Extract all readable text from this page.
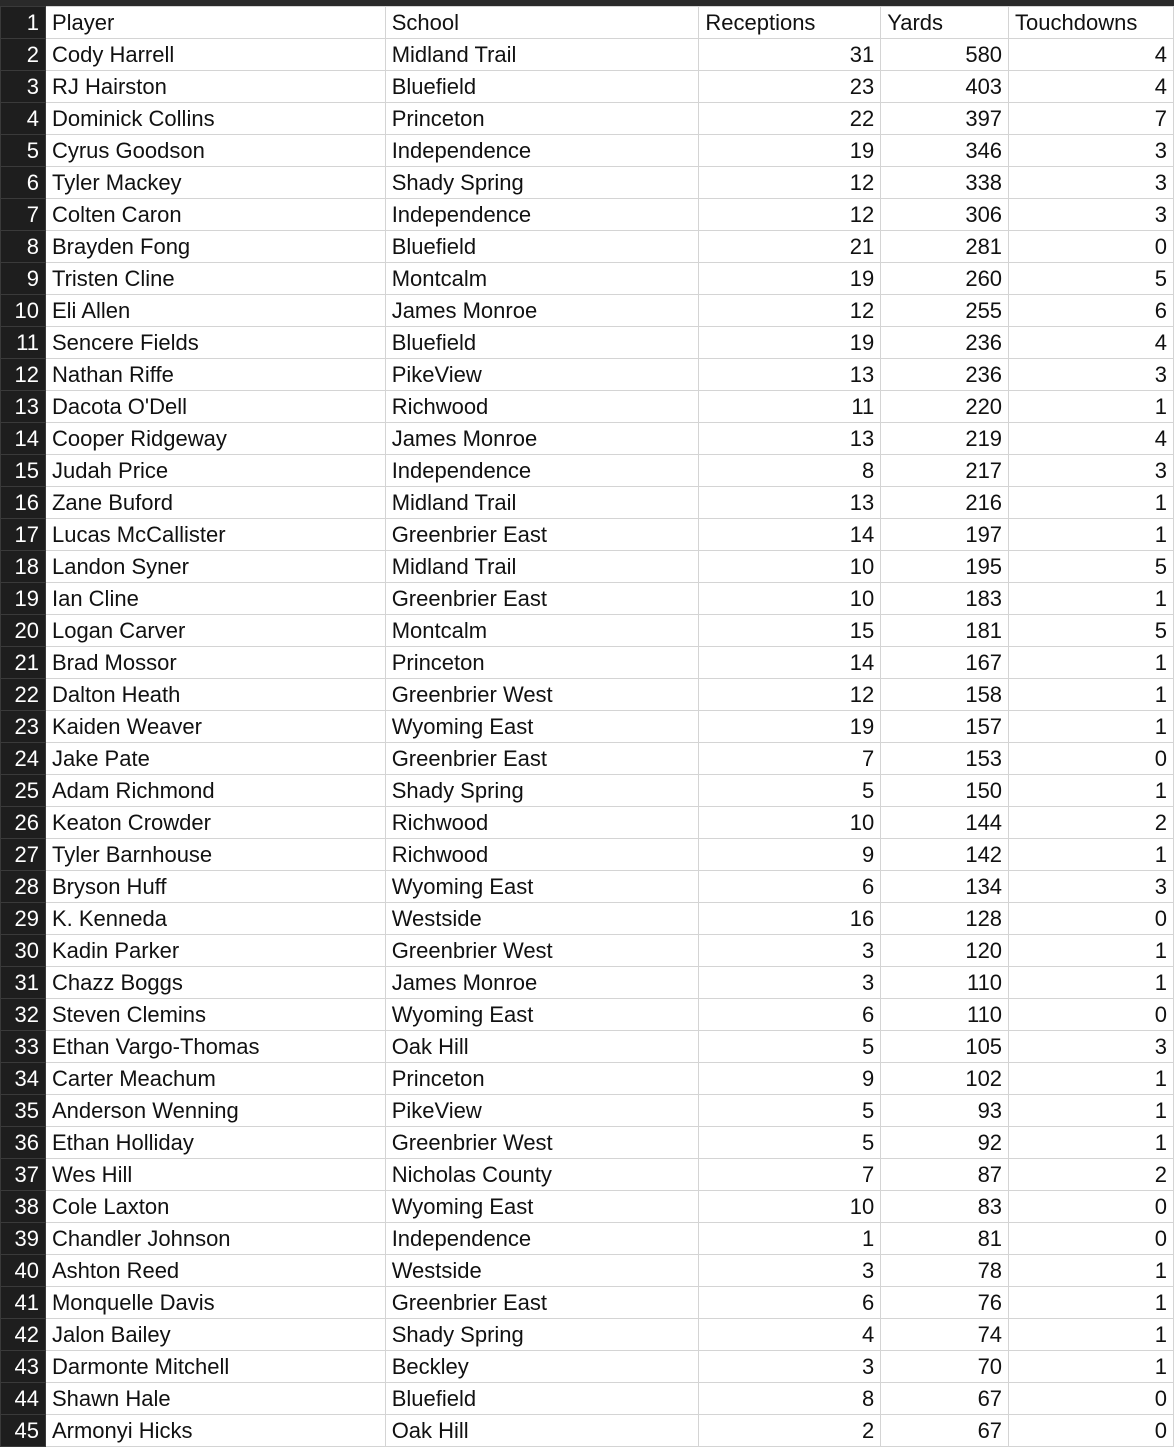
1	Player	School	Receptions	Yards	Touchdowns
2	Cody Harrell	Midland Trail	31	580	4
3	RJ Hairston	Bluefield	23	403	4
4	Dominick Collins	Princeton	22	397	7
5	Cyrus Goodson	Independence	19	346	3
6	Tyler Mackey	Shady Spring	12	338	3
7	Colten Caron	Independence	12	306	3
8	Brayden Fong	Bluefield	21	281	0
9	Tristen Cline	Montcalm	19	260	5
10	Eli Allen	James Monroe	12	255	6
11	Sencere Fields	Bluefield	19	236	4
12	Nathan Riffe	PikeView	13	236	3
13	Dacota O'Dell	Richwood	11	220	1
14	Cooper Ridgeway	James Monroe	13	219	4
15	Judah Price	Independence	8	217	3
16	Zane Buford	Midland Trail	13	216	1
17	Lucas McCallister	Greenbrier East	14	197	1
18	Landon Syner	Midland Trail	10	195	5
19	Ian Cline	Greenbrier East	10	183	1
20	Logan Carver	Montcalm	15	181	5
21	Brad Mossor	Princeton	14	167	1
22	Dalton Heath	Greenbrier West	12	158	1
23	Kaiden Weaver	Wyoming East	19	157	1
24	Jake Pate	Greenbrier East	7	153	0
25	Adam Richmond	Shady Spring	5	150	1
26	Keaton Crowder	Richwood	10	144	2
27	Tyler Barnhouse	Richwood	9	142	1
28	Bryson Huff	Wyoming East	6	134	3
29	K. Kenneda	Westside	16	128	0
30	Kadin Parker	Greenbrier West	3	120	1
31	Chazz Boggs	James Monroe	3	110	1
32	Steven Clemins	Wyoming East	6	110	0
33	Ethan Vargo-Thomas	Oak Hill	5	105	3
34	Carter Meachum	Princeton	9	102	1
35	Anderson Wenning	PikeView	5	93	1
36	Ethan Holliday	Greenbrier West	5	92	1
37	Wes Hill	Nicholas County	7	87	2
38	Cole Laxton	Wyoming East	10	83	0
39	Chandler Johnson	Independence	1	81	0
40	Ashton Reed	Westside	3	78	1
41	Monquelle Davis	Greenbrier East	6	76	1
42	Jalon Bailey	Shady Spring	4	74	1
43	Darmonte Mitchell	Beckley	3	70	1
44	Shawn Hale	Bluefield	8	67	0
45	Armonyi Hicks	Oak Hill	2	67	0
